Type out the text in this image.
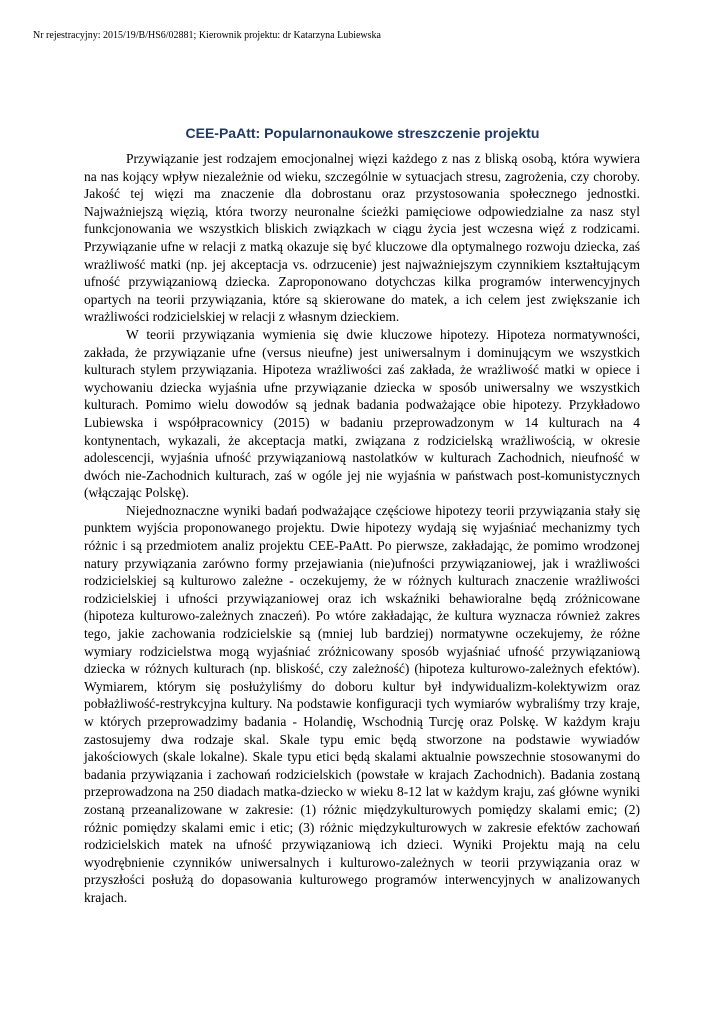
Nr rejestracyjny: 2015/19/B/HS6/02881; Kierownik projektu: dr Katarzyna Lubiewska
CEE-PaAtt: Popularnonaukowe streszczenie projektu

Przywiązanie jest rodzajem emocjonalnej więzi każdego z nas z bliską osobą, która wywiera na nas kojący wpływ niezależnie od wieku, szczególnie w sytuacjach stresu, zagrożenia, czy choroby. Jakość tej więzi ma znaczenie dla dobrostanu oraz przystosowania społecznego jednostki. Najważniejszą więzią, która tworzy neuronalne ścieżki pamięciowe odpowiedzialne za nasz styl funkcjonowania we wszystkich bliskich związkach w ciągu życia jest wczesna więź z rodzicami. Przywiązanie ufne w relacji z matką okazuje się być kluczowe dla optymalnego rozwoju dziecka, zaś wrażliwość matki (np. jej akceptacja vs. odrzucenie) jest najważniejszym czynnikiem kształtującym ufność przywiązaniową dziecka. Zaproponowano dotychczas kilka programów interwencyjnych opartych na teorii przywiązania, które są skierowane do matek, a ich celem jest zwiększanie ich wrażliwości rodzicielskiej w relacji z własnym dzieckiem.

W teorii przywiązania wymienia się dwie kluczowe hipotezy. Hipoteza normatywności, zakłada, że przywiązanie ufne (versus nieufne) jest uniwersalnym i dominującym we wszystkich kulturach stylem przywiązania. Hipoteza wrażliwości zaś zakłada, że wrażliwość matki w opiece i wychowaniu dziecka wyjaśnia ufne przywiązanie dziecka w sposób uniwersalny we wszystkich kulturach. Pomimo wielu dowodów są jednak badania podważające obie hipotezy. Przykładowo Lubiewska i współpracownicy (2015) w badaniu przeprowadzonym w 14 kulturach na 4 kontynentach, wykazali, że akceptacja matki, związana z rodzicielską wrażliwością, w okresie adolescencji, wyjaśnia ufność przywiązaniową nastolatków w kulturach Zachodnich, nieufność w dwóch nie-Zachodnich kulturach, zaś w ogóle jej nie wyjaśnia w państwach post-komunistycznych (włączając Polskę).

Niejednoznaczne wyniki badań podważające częściowe hipotezy teorii przywiązania stały się punktem wyjścia proponowanego projektu. Dwie hipotezy wydają się wyjaśniać mechanizmy tych różnic i są przedmiotem analiz projektu CEE-PaAtt. Po pierwsze, zakładając, że pomimo wrodzonej natury przywiązania zarówno formy przejawiania (nie)ufności przywiązaniowej, jak i wrażliwości rodzicielskiej są kulturowo zależne - oczekujemy, że w różnych kulturach znaczenie wrażliwości rodzicielskiej i ufności przywiązaniowej oraz ich wskaźniki behawioralne będą zróżnicowane (hipoteza kulturowo-zależnych znaczeń). Po wtóre zakładając, że kultura wyznacza również zakres tego, jakie zachowania rodzicielskie są (mniej lub bardziej) normatywne oczekujemy, że różne wymiary rodzicielstwa mogą wyjaśniać zróżnicowany sposób wyjaśniać ufność przywiązaniową dziecka w różnych kulturach (np. bliskość, czy zależność) (hipoteza kulturowo-zależnych efektów). Wymiarem, którym się posłużyliśmy do doboru kultur był indywidualizm-kolektywizm oraz pobłażliwość-restrykcyjna kultury. Na podstawie konfiguracji tych wymiarów wybraliśmy trzy kraje, w których przeprowadzimy badania - Holandię, Wschodnią Turcję oraz Polskę. W każdym kraju zastosujemy dwa rodzaje skal. Skale typu emic będą stworzone na podstawie wywiadów jakościowych (skale lokalne). Skale typu etici będą skalami aktualnie powszechnie stosowanymi do badania przywiązania i zachowań rodzicielskich (powstałe w krajach Zachodnich). Badania zostaną przeprowadzona na 250 diadach matka-dziecko w wieku 8-12 lat w każdym kraju, zaś główne wyniki zostaną przeanalizowane w zakresie: (1) różnic międzykulturowych pomiędzy skalami emic; (2) różnic pomiędzy skalami emic i etic; (3) różnic międzykulturowych w zakresie efektów zachowań rodzicielskich matek na ufność przywiązaniową ich dzieci. Wyniki Projektu mają na celu wyodrębnienie czynników uniwersalnych i kulturowo-zależnych w teorii przywiązania oraz w przyszłości posłużą do dopasowania kulturowego programów interwencyjnych w analizowanych krajach.
